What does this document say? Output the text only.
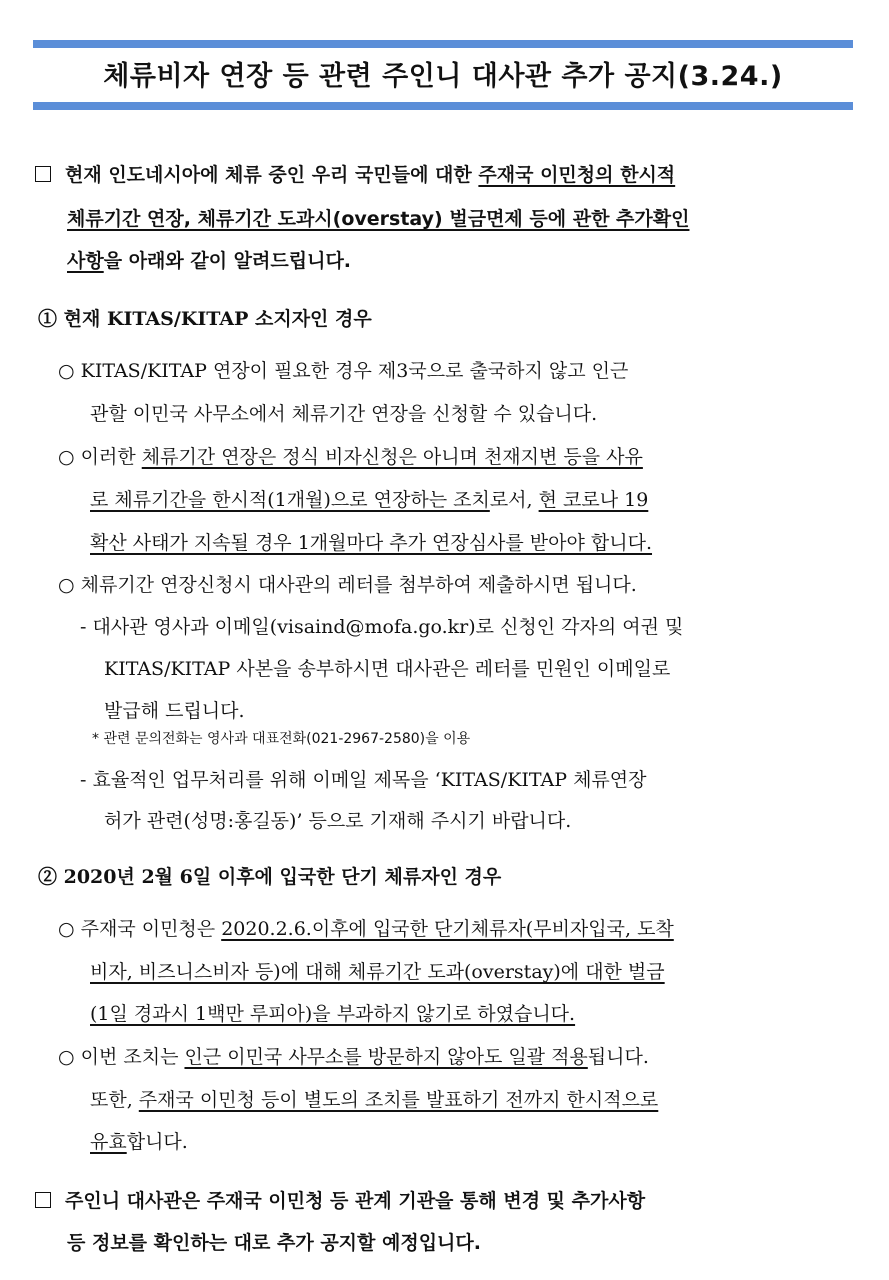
체류비자 연장 등 관련 주인니 대사관 추가 공지(3.24.)
현재 인도네시아에 체류 중인 우리 국민들에 대한 주재국 이민청의 한시적
체류기간 연장, 체류기간 도과시(overstay) 벌금면제 등에 관한 추가확인
사항을 아래와 같이 알려드립니다.
① 현재 KITAS/KITAP 소지자인 경우
○ KITAS/KITAP 연장이 필요한 경우 제3국으로 출국하지 않고 인근
관할 이민국 사무소에서 체류기간 연장을 신청할 수 있습니다.
○ 이러한 체류기간 연장은 정식 비자신청은 아니며 천재지변 등을 사유
로 체류기간을 한시적(1개월)으로 연장하는 조치로서, 현 코로나 19
확산 사태가 지속될 경우 1개월마다 추가 연장심사를 받아야 합니다.
○ 체류기간 연장신청시 대사관의 레터를 첨부하여 제출하시면 됩니다.
- 대사관 영사과 이메일(visaind@mofa.go.kr)로 신청인 각자의 여권 및
KITAS/KITAP 사본을 송부하시면 대사관은 레터를 민원인 이메일로
발급해 드립니다.
* 관련 문의전화는 영사과 대표전화(021-2967-2580)을 이용
- 효율적인 업무처리를 위해 이메일 제목을 ‘KITAS/KITAP 체류연장
허가 관련(성명:홍길동)’ 등으로 기재해 주시기 바랍니다.
② 2020년 2월 6일 이후에 입국한 단기 체류자인 경우
○ 주재국 이민청은 2020.2.6.이후에 입국한 단기체류자(무비자입국, 도착
비자, 비즈니스비자 등)에 대해 체류기간 도과(overstay)에 대한 벌금
(1일 경과시 1백만 루피아)을 부과하지 않기로 하였습니다.
○ 이번 조치는 인근 이민국 사무소를 방문하지 않아도 일괄 적용됩니다.
또한, 주재국 이민청 등이 별도의 조치를 발표하기 전까지 한시적으로
유효합니다.
주인니 대사관은 주재국 이민청 등 관계 기관을 통해 변경 및 추가사항
등 정보를 확인하는 대로 추가 공지할 예정입니다.
